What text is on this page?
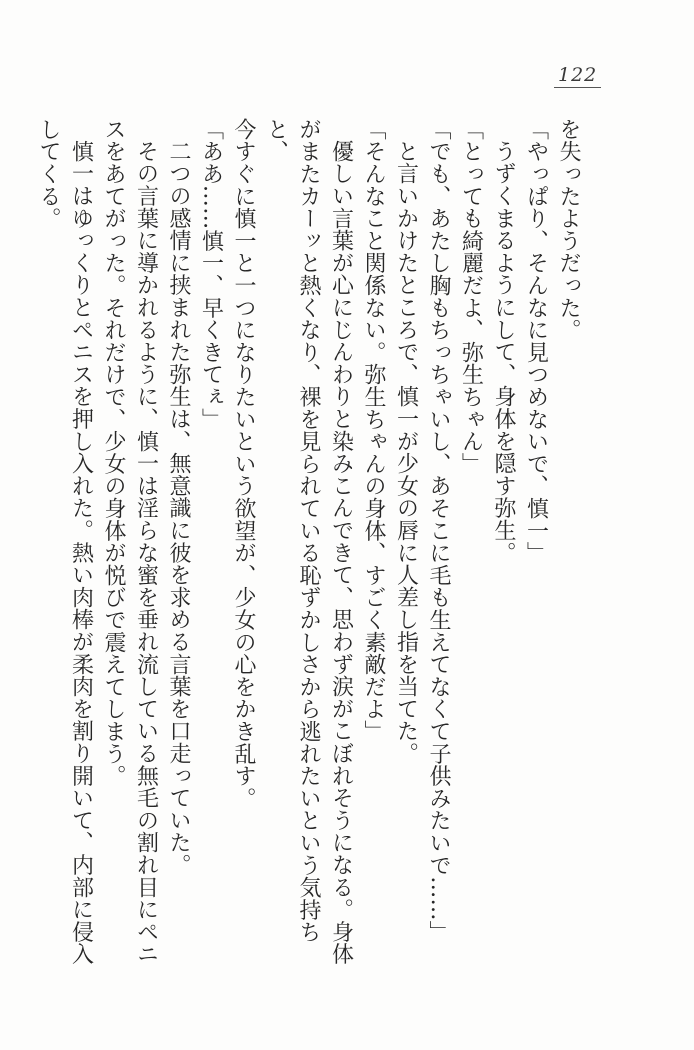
122

を失ったようだった。

「やっぱり、そんなに見つめないで、慎一」

うずくまるようにして、身体を隠す弥生。

「とっても綺麗だよ、弥生ちゃん」

「でも、あたし胸もちっちゃいし、あそこに毛も生えてなくて子供みたいで……」

と言いかけたところで、慎一が少女の唇に人差し指を当てた。

「そんなこと関係ない。弥生ちゃんの身体、すごく素敵だよ」

優しい言葉が心にじんわりと染みこんできて、思わず涙がこぼれそうになる。身体

がまたカーッと熱くなり、裸を見られている恥ずかしさから逃れたいという気持ちと、

今すぐに慎一と一つになりたいという欲望が、少女の心をかき乱す。

「ああ……慎一、早くきてぇ」

二つの感情に挟まれた弥生は、無意識に彼を求める言葉を口走っていた。

その言葉に導かれるように、慎一は淫らな蜜を垂れ流している無毛の割れ目にペニ

スをあてがった。それだけで、少女の身体が悦びで震えてしまう。

慎一はゆっくりとペニスを押し入れた。熱い肉棒が柔肉を割り開いて、内部に侵入

してくる。
